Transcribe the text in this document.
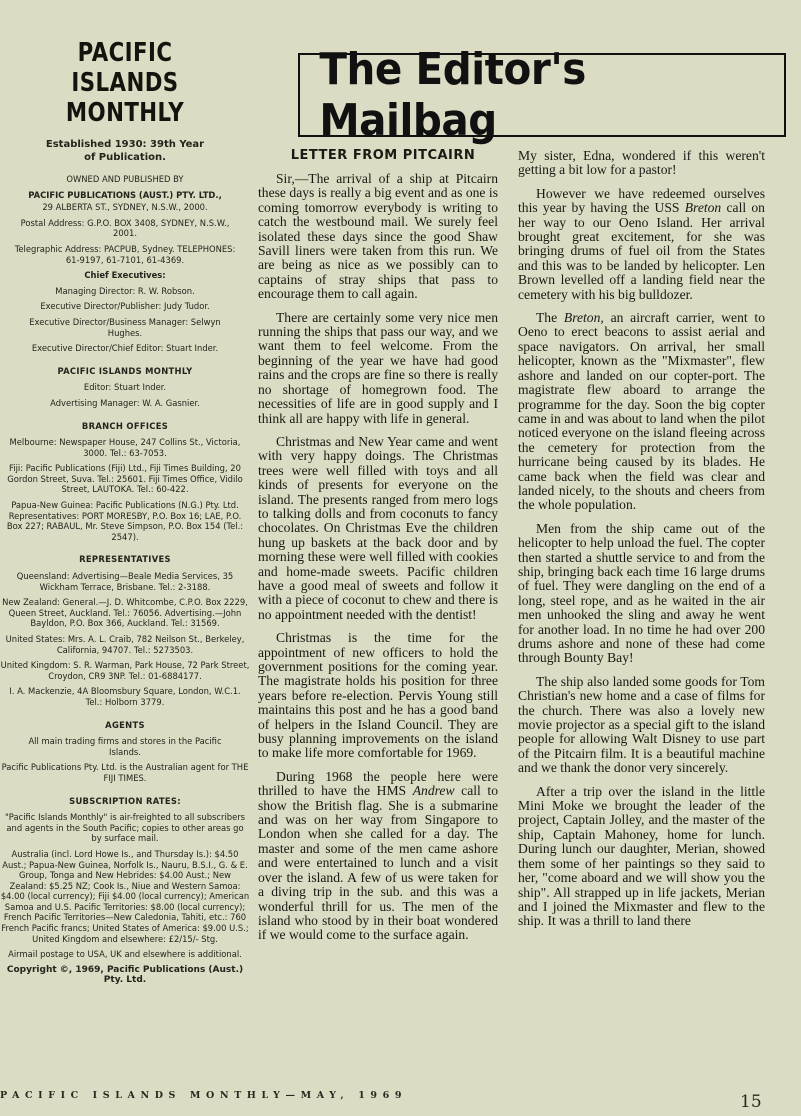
PACIFIC ISLANDS
MONTHLY
Established 1930: 39th Year of Publication.

OWNED AND PUBLISHED BY

PACIFIC PUBLICATIONS (AUST.) PTY. LTD.,

29 ALBERTA ST., SYDNEY, N.S.W., 2000.

Postal Address: G.P.O. BOX 3408, SYDNEY, N.S.W., 2001.

Telegraphic Address: PACPUB, Sydney. TELEPHONES: 61-9197, 61-7101, 61-4369.

Chief Executives:

Managing Director: R. W. Robson.

Executive Director/Publisher: Judy Tudor.

Executive Director/Business Manager: Selwyn Hughes.

Executive Director/Chief Editor: Stuart Inder.

PACIFIC ISLANDS MONTHLY

Editor: Stuart Inder.

Advertising Manager: W. A. Gasnier.

BRANCH OFFICES

Melbourne: Newspaper House, 247 Collins St., Victoria, 3000. Tel.: 63-7053.

Fiji: Pacific Publications (Fiji) Ltd., Fiji Times Building, 20 Gordon Street, Suva. Tel.: 25601. Fiji Times Office, Vidilo Street, LAUTOKA. Tel.: 60-422.

Papua-New Guinea: Pacific Publications (N.G.) Pty. Ltd. Representatives: PORT MORESBY, P.O. Box 16; LAE, P.O. Box 227; RABAUL, Mr. Steve Simpson, P.O. Box 154 (Tel.: 2547).

REPRESENTATIVES

Queensland: Advertising—Beale Media Services, 35 Wickham Terrace, Brisbane. Tel.: 2-3188.

New Zealand: General.—J. D. Whitcombe, C.P.O. Box 2229, Queen Street, Auckland. Tel.: 76056. Advertising.—John Bayldon, P.O. Box 366, Auckland. Tel.: 31569.

United States: Mrs. A. L. Craib, 782 Neilson St., Berkeley, California, 94707. Tel.: 5273503.

United Kingdom: S. R. Warman, Park House, 72 Park Street, Croydon, CR9 3NP. Tel.: 01-6884177.

I. A. Mackenzie, 4A Bloomsbury Square, London, W.C.1. Tel.: Holborn 3779.

AGENTS

All main trading firms and stores in the Pacific Islands.

Pacific Publications Pty. Ltd. is the Australian agent for THE FIJI TIMES.

SUBSCRIPTION RATES:

"Pacific Islands Monthly" is air-freighted to all subscribers and agents in the South Pacific; copies to other areas go by surface mail.

Australia (incl. Lord Howe Is., and Thursday Is.): $4.50 Aust.; Papua-New Guinea, Norfolk Is., Nauru, B.S.I., G. & E. Group, Tonga and New Hebrides: $4.00 Aust.; New Zealand: $5.25 NZ; Cook Is., Niue and Western Samoa: $4.00 (local currency); Fiji $4.00 (local currency); American Samoa and U.S. Pacific Territories: $8.00 (local currency); French Pacific Territories—New Caledonia, Tahiti, etc.: 760 French Pacific francs; United States of America: $9.00 U.S.; United Kingdom and elsewhere: £2/15/- Stg.

Airmail postage to USA, UK and elsewhere is additional.

Copyright ©, 1969, Pacific Publications (Aust.) Pty. Ltd.

The Editor's Mailbag
LETTER FROM PITCAIRN

Sir,—The arrival of a ship at Pitcairn these days is really a big event and as one is coming tomorrow everybody is writing to catch the westbound mail. We surely feel isolated these days since the good Shaw Savill liners were taken from this run. We are being as nice as we possibly can to captains of stray ships that pass to encourage them to call again.

There are certainly some very nice men running the ships that pass our way, and we want them to feel welcome. From the beginning of the year we have had good rains and the crops are fine so there is really no shortage of homegrown food. The necessities of life are in good supply and I think all are happy with life in general.

Christmas and New Year came and went with very happy doings. The Christmas trees were well filled with toys and all kinds of presents for everyone on the island. The presents ranged from mero logs to talking dolls and from coconuts to fancy chocolates. On Christmas Eve the children hung up baskets at the back door and by morning these were well filled with cookies and home-made sweets. Pacific children have a good meal of sweets and follow it with a piece of coconut to chew and there is no appointment needed with the dentist!

Christmas is the time for the appointment of new officers to hold the government positions for the coming year. The magistrate holds his position for three years before re-election. Pervis Young still maintains this post and he has a good band of helpers in the Island Council. They are busy planning improvements on the island to make life more comfortable for 1969.

During 1968 the people here were thrilled to have the HMS Andrew call to show the British flag. She is a submarine and was on her way from Singapore to London when she called for a day. The master and some of the men came ashore and were entertained to lunch and a visit over the island. A few of us were taken for a diving trip in the sub. and this was a wonderful thrill for us. The men of the island who stood by in their boat wondered if we would come to the surface again.

My sister, Edna, wondered if this weren't getting a bit low for a pastor!

However we have redeemed ourselves this year by having the USS Breton call on her way to our Oeno Island. Her arrival brought great excitement, for she was bringing drums of fuel oil from the States and this was to be landed by helicopter. Len Brown levelled off a landing field near the cemetery with his big bulldozer.

The Breton, an aircraft carrier, went to Oeno to erect beacons to assist aerial and space navigators. On arrival, her small helicopter, known as the "Mixmaster", flew ashore and landed on our copter-port. The magistrate flew aboard to arrange the programme for the day. Soon the big copter came in and was about to land when the pilot noticed everyone on the island fleeing across the cemetery for protection from the hurricane being caused by its blades. He came back when the field was clear and landed nicely, to the shouts and cheers from the whole population.

Men from the ship came out of the helicopter to help unload the fuel. The copter then started a shuttle service to and from the ship, bringing back each time 16 large drums of fuel. They were dangling on the end of a long, steel rope, and as he waited in the air men unhooked the sling and away he went for another load. In no time he had over 200 drums ashore and none of these had come through Bounty Bay!

The ship also landed some goods for Tom Christian's new home and a case of films for the church. There was also a lovely new movie projector as a special gift to the island people for allowing Walt Disney to use part of the Pitcairn film. It is a beautiful machine and we thank the donor very sincerely.

After a trip over the island in the little Mini Moke we brought the leader of the project, Captain Jolley, and the master of the ship, Captain Mahoney, home for lunch. During lunch our daughter, Merian, showed them some of her paintings so they said to her, "come aboard and we will show you the ship". All strapped up in life jackets, Merian and I joined the Mixmaster and flew to the ship. It was a thrill to land there

PACIFIC ISLANDS MONTHLY—MAY, 1969	15
